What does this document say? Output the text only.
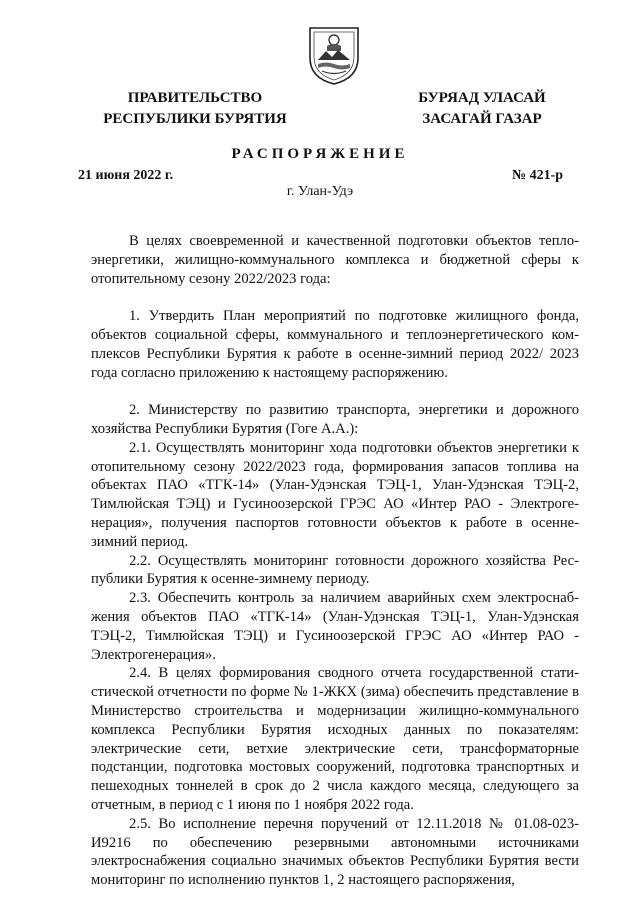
ПРАВИТЕЛЬСТВО
РЕСПУБЛИКИ БУРЯТИЯ
БУРЯАД УЛАСАЙ
ЗАСАГАЙ ГАЗАР
РАСПОРЯЖЕНИЕ
21 июня 2022 г.	№ 421-р
г. Улан-Удэ

В целях своевременной и качественной подготовки объектов теплоэнергетики, жилищно-коммунального комплекса и бюджетной сферы к отопительному сезону 2022/2023 года:

1. Утвердить План мероприятий по подготовке жилищного фонда, объектов социальной сферы, коммунального и теплоэнергетического комплексов Республики Бурятия к работе в осенне-зимний период 2022/ 2023 года согласно приложению к настоящему распоряжению.

2. Министерству по развитию транспорта, энергетики и дорожного хозяйства Республики Бурятия (Гоге А.А.):

2.1. Осуществлять мониторинг хода подготовки объектов энергетики к отопительному сезону 2022/2023 года, формирования запасов топлива на объектах ПАО «ТГК-14» (Улан-Удэнская ТЭЦ-1, Улан-Удэнская ТЭЦ-2, Тимлюйская ТЭЦ) и Гусиноозерской ГРЭС АО «Интер РАО - Электрогенерация», получения паспортов готовности объектов к работе в осенне-зимний период.

2.2. Осуществлять мониторинг готовности дорожного хозяйства Республики Бурятия к осенне-зимнему периоду.

2.3. Обеспечить контроль за наличием аварийных схем электроснабжения объектов ПАО «ТГК-14» (Улан-Удэнская ТЭЦ-1, Улан-Удэнская ТЭЦ-2, Тимлюйская ТЭЦ) и Гусиноозерской ГРЭС АО «Интер РАО - Электрогенерация».

2.4. В целях формирования сводного отчета государственной статистической отчетности по форме № 1-ЖКХ (зима) обеспечить представление в Министерство строительства и модернизации жилищно-коммунального комплекса Республики Бурятия исходных данных по показателям: электрические сети, ветхие электрические сети, трансформаторные подстанции, подготовка мостовых сооружений, подготовка транспортных и пешеходных тоннелей в срок до 2 числа каждого месяца, следующего за отчетным, в период с 1 июня по 1 ноября 2022 года.

2.5. Во исполнение перечня поручений от 12.11.2018 № 01.08-023-И9216 по обеспечению резервными автономными источниками электроснабжения социально значимых объектов Республики Бурятия вести мониторинг по исполнению пунктов 1, 2 настоящего распоряжения,
